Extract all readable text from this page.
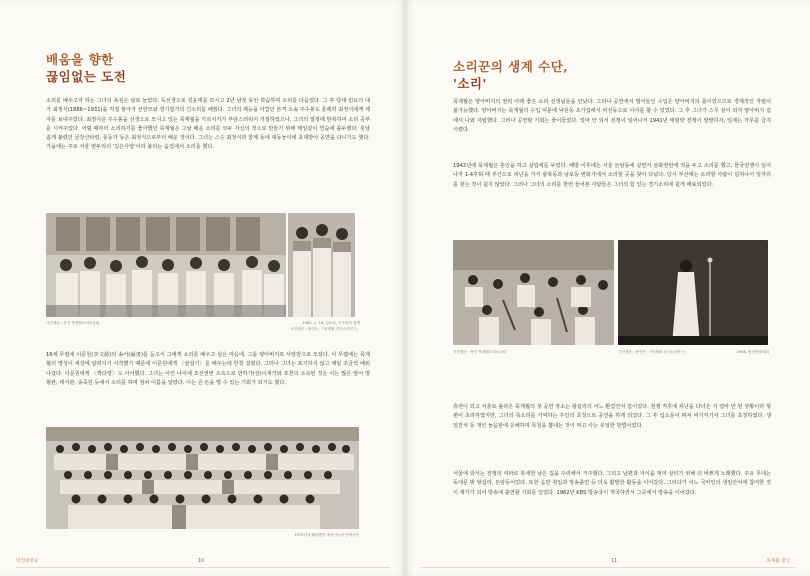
배움을 향한
끊임없는 도전
소리를 배우고자 하는 그녀의 욕심은 날로 늘었다. 독선생으로 김윤태를 모시고 2년 남짓 동안 학습하며 소리를 다듬었다. 그 후 당대 민요의 대가 최정식(1886~1931)을 직접 찾아가 선한모와 경기잡가의 긴소리를 배웠다. 그녀의 재능을 아깝던 본격 소송 주수봉도 훈례히 최정식에게 제자를 보내주었다. 최정식은 주수봉을 선생으로 모시고 있는 묵계월을 가르치기가 부담스러워서 거절하였으나, 그녀의 열정에 탄복하여 소리 공부를 시켜주었다. 어릴 때부터 소리하기를 좋아했던 묵계월은 그날 배운 소리를 모두 자신의 것으로 만들기 위해 매일같이 연습에 몰두했다. 훗날 좀게 불렸던 금강산타령, 풍등가 등은 최정식으로부터 배운 것이다. 그녀는 스승 최정식과 함께 동네 대동놀이에 초대받아 공연을 다니기도 했다. 가을에는 주로 서울 변두리의 '길은사랑'이라 불리는 움집에서 소리를 했다.
사진제공 : 용인 묵계월소리보존회	1962. 1. 16. 김소희, 이소향과 함께
사진제공 : 용인은, 『묵계월 경기소리연구』
16세 무렵에 이문원(李文源)의 송서(誦書)를 듣고서 그에게 소리를 배우고 싶은 마음에, 그를 양아버지로 사랑받으로 모셨다. 이 무렵에는 묵계월의 명성이 세상에 알려지기 시작했기 때문에 이문원에게 〈삼설기〉를 배우는데 한창 걸렸다. 그러나 그녀는 포기하지 않고 매일 조금씩 배워나갔다. 이문원에게 〈짝타령〉도 사사했다. 그녀는 어린 나이에 조선권번 소속으로 반하가(상)이재가와 포천의 소속된 것은 이는 많은 앞어 명월관, 태서관, 송죽원 등에서 소리를 하며 점차 이름을 알렸다. 이는 큰 돈을 벌 수 있는 기회가 되기도 했다.
1970년대 활동했던 예술인들의 단체사진
명인명창들	10
소리꾼의 생계 수단,
'소리'
묵계월은 양아버지의 권리 아래 좋은 소리 선생님들을 만났다. 그러나 공연에서 벌어들인 수입은 양아버지의 몫이었으므로 경제적인 자립이 불가능했다. 양아버지는 묵계월의 수입 덕분에 낙원동 초가집에서 익선동으로 이사를 할 수 있었다. 그 후 그녀가 스무 살이 되자 양아버지 집에서 나와 자립했다. 그러나 공연할 기회는 줄어들었다. 얼마 안 되서 전쟁이 일어나서 1941년 태평양 전쟁이 발발하자, 일제는 가무를 금지시켰다.
1942년에 묵계월은 혼인을 하고 살림에를 두었다. 해방 이후에는 서울 돈암동에 살면서 삼화권번에 적을 두고 소리를 했고, 한국전쟁이 일어나자 1·4후퇴 때 부산으로 피난을 가서 광복동과 남포동 변화가에서 소리할 곳을 찾아 다녔다. 당시 부산에는 소리할 사람이 넘쳐나서 일자리를 찾는 것이 쉽지 않았다. 그러나 그녀의 소리를 한번 들어본 사람들은 그녀의 힘 있는 경기소리에 쉽게 매료되었다.
사진제공 : 용인 묵계월소리보존회	사진제공 : 용인은, 『묵계월 경기소리연구』	1966. 명인명창대회
휴전이 되고 서울로 올라온 묵계월의 첫 공연 장소는 왕십리의 어느 환갑잔치 집이었다. 전쟁 직후에 피난을 다녀온 지 얼마 안 된 상황이라 형편이 초라하였지만, 그녀의 목소리를 기억하는 주인의 초청으로 공연을 하게 되었다. 그 후 입소문이 퍼져 여기저기서 그녀를 초청하였다. 생일잔치 등 개인 놀음판에 응해하며 목청을 뽐내는 것이 먹고 사는 유일한 방법이었다.
서울에 와서는 전쟁의 여파로 북새한 남은 집을 수리해서 거주했다. 그리고 남편과 자식을 먹여 살리기 위해 더 바쁘게 노래했다. 주요 무대는 동대문 밖 왕십리, 돈암동이었다. 또한 음반 취입과 방송출연 등 더욱 활발한 활동을 이어갔다. 그러다가 어느 국악인의 생일잔치에 참여한 것이 계기가 되어 방송에 출연할 기회를 얻었다. 1962년 KBS 방송국이 개국하면서 그곳에서 방송을 이어갔다.
11	묵계월 명인
